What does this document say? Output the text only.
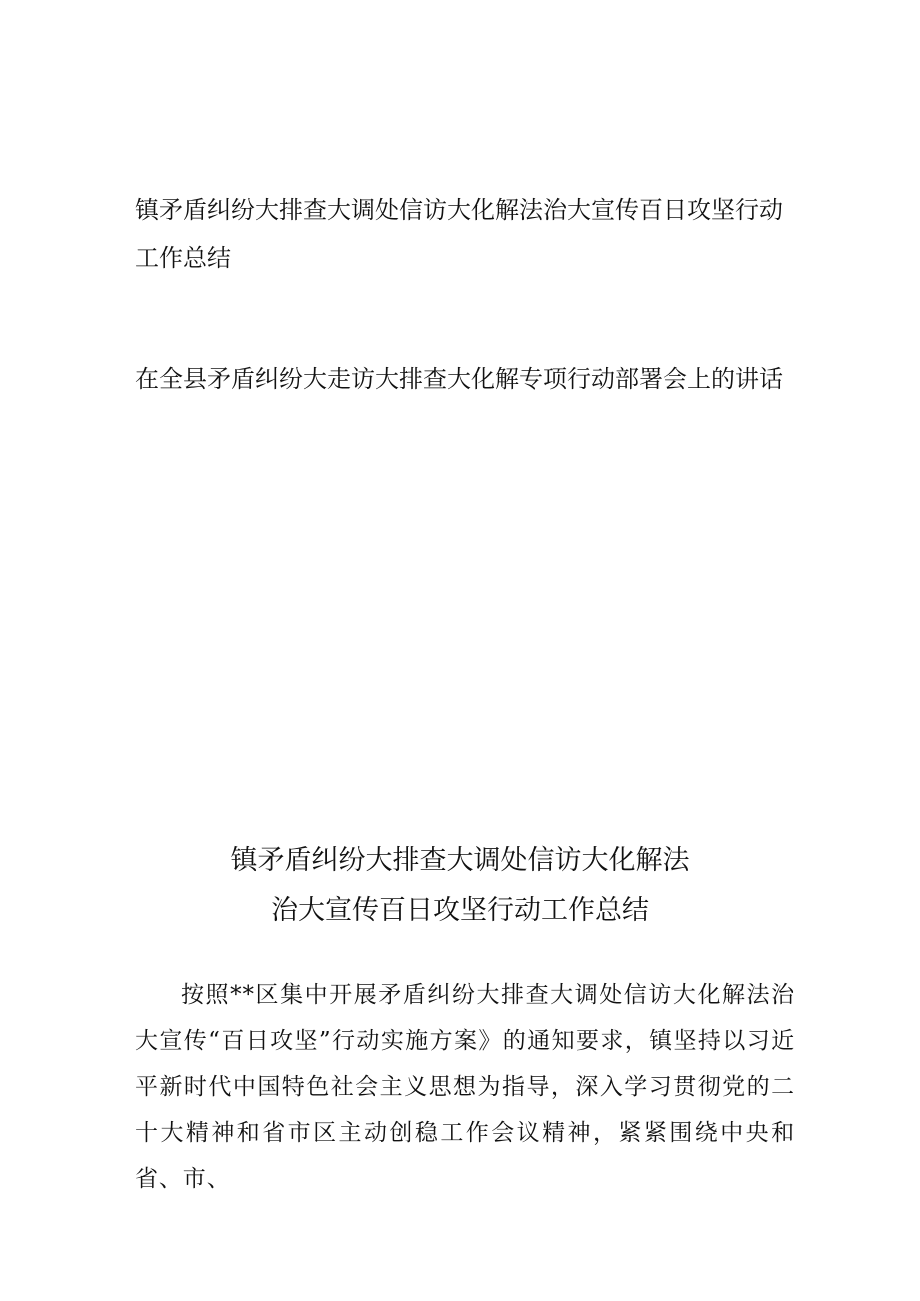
镇矛盾纠纷大排查大调处信访大化解法治大宣传百日攻坚行动工作总结
在全县矛盾纠纷大走访大排查大化解专项行动部署会上的讲话
镇矛盾纠纷大排查大调处信访大化解法
治大宣传百日攻坚行动工作总结

按照**区集中开展矛盾纠纷大排查大调处信访大化解法治大宣传“百日攻坚”行动实施方案》的通知要求，镇坚持以习近平新时代中国特色社会主义思想为指导，深入学习贯彻党的二十大精神和省市区主动创稳工作会议精神，紧紧围绕中央和省、市、
